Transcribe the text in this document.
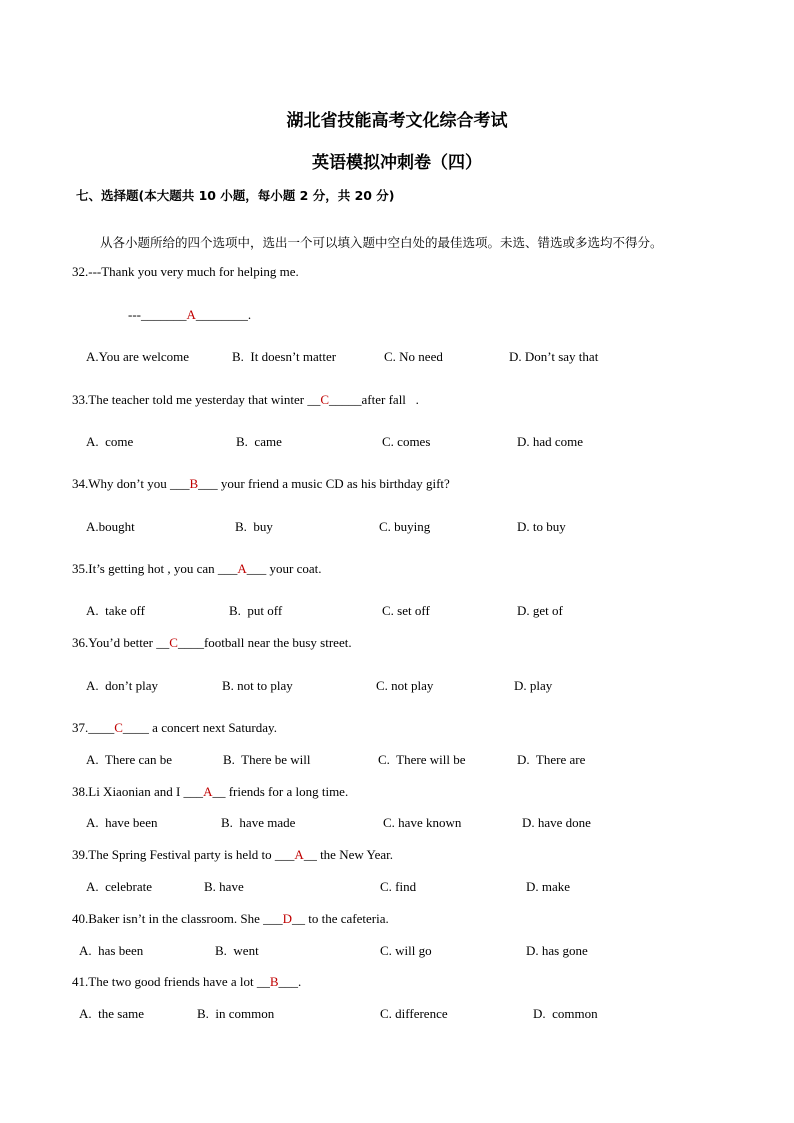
湖北省技能高考文化综合考试
英语模拟冲刺卷（四）
七、选择题(本大题共 10 小题，每小题 2 分，共 20 分)
从各小题所给的四个选项中，选出一个可以填入题中空白处的最佳选项。未选、错选或多选均不得分。
32.---Thank you very much for helping me.
---_______A________.
A.You are welcome	B.  It doesn’t matter	C. No need	D. Don’t say that
33.The teacher told me yesterday that winter __C_____after fall   .
A.  come	B.  came	C. comes	D. had come
34.Why don’t you ___B___ your friend a music CD as his birthday gift?
A.bought	B.  buy	C. buying	D. to buy
35.It’s getting hot , you can ___A___ your coat.
A.  take off	B.  put off	C. set off	D. get of
36.You’d better __C____football near the busy street.
A.  don’t play	B. not to play	C. not play	D. play
37.____C____ a concert next Saturday.
A.  There can be	B.  There be will	C.  There will be	D.  There are
38.Li Xiaonian and I ___A__ friends for a long time.
A.  have been	B.  have made	C. have known	D. have done
39.The Spring Festival party is held to ___A__ the New Year.
A.  celebrate	B. have	C. find	D. make
40.Baker isn’t in the classroom. She ___D__ to the cafeteria.
A.  has been	B.  went	C. will go	D. has gone
41.The two good friends have a lot __B___.
A.  the same	B.  in common	C. difference	D.  common
